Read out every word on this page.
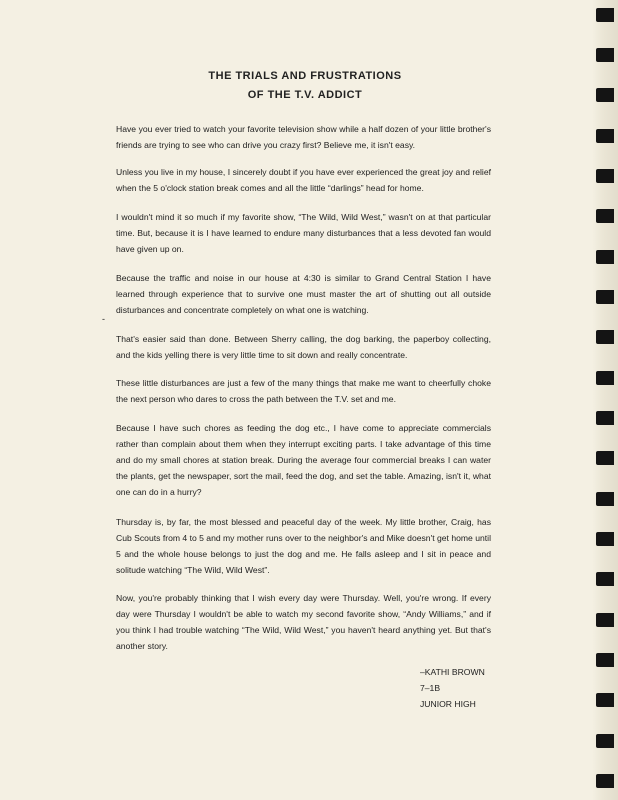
THE TRIALS AND FRUSTRATIONS
OF THE T.V. ADDICT
Have you ever tried to watch your favorite television show while a half dozen of your little brother's friends are trying to see who can drive you crazy first? Believe me, it isn't easy.
Unless you live in my house, I sincerely doubt if you have ever experienced the great joy and relief when the 5 o'clock station break comes and all the little “darlings” head for home.
I wouldn't mind it so much if my favorite show, “The Wild, Wild West,” wasn't on at that particular time. But, because it is I have learned to endure many disturbances that a less devoted fan would have given up on.
Because the traffic and noise in our house at 4:30 is similar to Grand Central Station I have learned through experience that to survive one must master the art of shutting out all outside disturbances and concentrate completely on what one is watching.
-
That's easier said than done. Between Sherry calling, the dog barking, the paperboy collecting, and the kids yelling there is very little time to sit down and really concentrate.
These little disturbances are just a few of the many things that make me want to cheerfully choke the next person who dares to cross the path between the T.V. set and me.
Because I have such chores as feeding the dog etc., I have come to appreciate commercials rather than complain about them when they interrupt exciting parts. I take advantage of this time and do my small chores at station break. During the average four commercial breaks I can water the plants, get the newspaper, sort the mail, feed the dog, and set the table. Amazing, isn't it, what one can do in a hurry?
Thursday is, by far, the most blessed and peaceful day of the week. My little brother, Craig, has Cub Scouts from 4 to 5 and my mother runs over to the neighbor's and Mike doesn't get home until 5 and the whole house belongs to just the dog and me. He falls asleep and I sit in peace and solitude watching “The Wild, Wild West”.
Now, you're probably thinking that I wish every day were Thursday. Well, you're wrong. If every day were Thursday I wouldn't be able to watch my second favorite show, “Andy Williams,” and if you think I had trouble watching “The Wild, Wild West,” you haven't heard anything yet. But that's another story.
–KATHI BROWN
7–1B
JUNIOR HIGH
